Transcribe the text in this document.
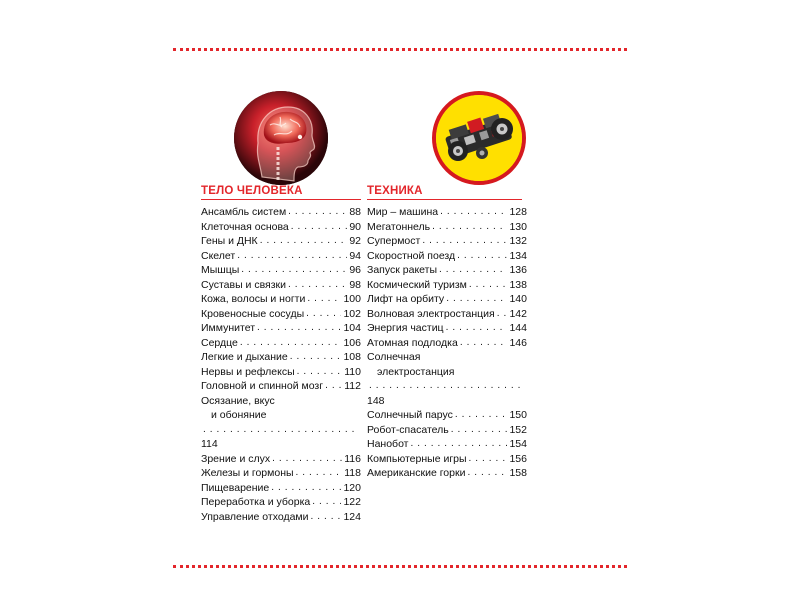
ТЕЛО ЧЕЛОВЕКА
Ансамбль систем . . .	88
Клеточная основа . . .	90
Гены и ДНК . . .	92
Скелет . . .	94
Мышцы . . .	96
Суставы и связки . . .	98
Кожа, волосы и ногти . . .	100
Кровеносные сосуды . . .	102
Иммунитет . . .	104
Сердце . . .	106
Легкие и дыхание . . .	108
Нервы и рефлексы . . .	110
Головной и спинной мозг . . . 112
Осязание, вкус
и обоняние
. . .
114
Зрение и слух . . .	116
Железы и гормоны . . .	118
Пищеварение . . .	120
Переработка и уборка . . .	122
Управление отходами . . .	124
ТЕХНИКА
Мир – машина . . .	128
Мегатоннель . . .	130
Супермост . . .	132
Скоростной поезд . . .	134
Запуск ракеты . . .	136
Космический туризм . . .	138
Лифт на орбиту . . .	140
Волновая электростанция . . . 142
Энергия частиц . . .	144
Атомная подлодка . . .	146
Солнечная
электростанция
. . .
148
Солнечный парус . . .	150
Робот-спасатель . . .	152
Нанобот . . .	154
Компьютерные игры . . .	156
Американские горки . . .	158
